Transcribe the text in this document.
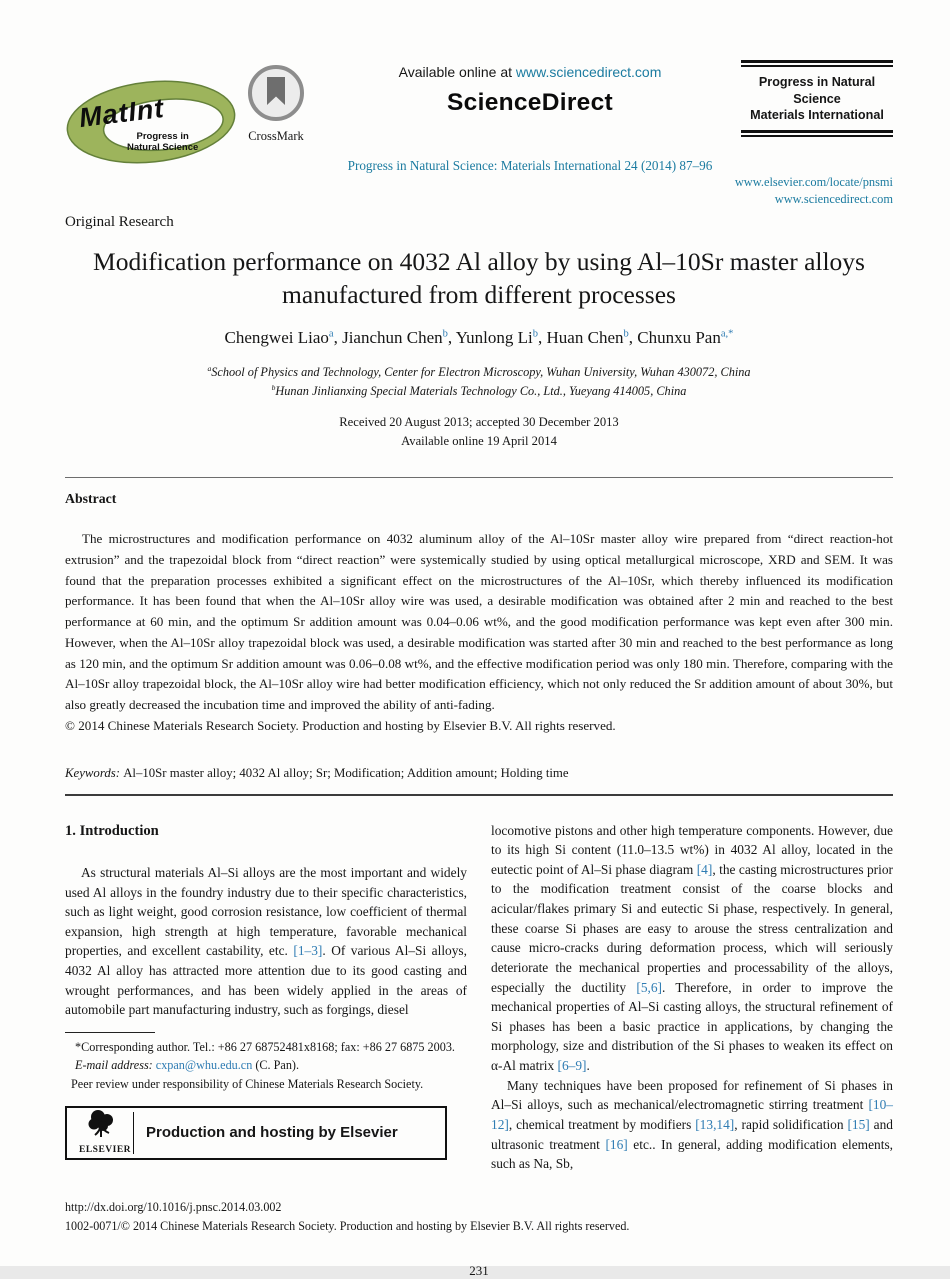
MatInt
Progress in
Natural Science
CrossMark
Available online at www.sciencedirect.com
ScienceDirect
Progress in Natural Science: Materials International 24 (2014) 87–96
Progress in Natural
Science
Materials International
www.elsevier.com/locate/pnsmi
www.sciencedirect.com
Original Research
Modification performance on 4032 Al alloy by using Al–10Sr master alloys
manufactured from different processes
Chengwei Liao$^a$, Jianchun Chen$^b$, Yunlong Li$^b$, Huan Chen$^b$, Chunxu Pan$^{a,*}$
$^a$School of Physics and Technology, Center for Electron Microscopy, Wuhan University, Wuhan 430072, China
$^b$Hunan Jinlianxing Special Materials Technology Co., Ltd., Yueyang 414005, China
Received 20 August 2013; accepted 30 December 2013
Available online 19 April 2014
Abstract

The microstructures and modification performance on 4032 aluminum alloy of the Al–10Sr master alloy wire prepared from “direct reaction-hot extrusion” and the trapezoidal block from “direct reaction” were systemically studied by using optical metallurgical microscope, XRD and SEM. It was found that the preparation processes exhibited a significant effect on the microstructures of the Al–10Sr, which thereby influenced its modification performance. It has been found that when the Al–10Sr alloy wire was used, a desirable modification was obtained after 2 min and reached to the best performance at 60 min, and the optimum Sr addition amount was 0.04–0.06 wt%, and the good modification performance was kept even after 300 min. However, when the Al–10Sr alloy trapezoidal block was used, a desirable modification was started after 30 min and reached to the best performance as long as 120 min, and the optimum Sr addition amount was 0.06–0.08 wt%, and the effective modification period was only 180 min. Therefore, comparing with the Al–10Sr alloy trapezoidal block, the Al–10Sr alloy wire had better modification efficiency, which not only reduced the Sr addition amount of about 30%, but also greatly decreased the incubation time and improved the ability of anti-fading.

© 2014 Chinese Materials Research Society. Production and hosting by Elsevier B.V. All rights reserved.

Keywords: Al–10Sr master alloy; 4032 Al alloy; Sr; Modification; Addition amount; Holding time
1. Introduction

As structural materials Al–Si alloys are the most important and widely used Al alloys in the foundry industry due to their specific characteristics, such as light weight, good corrosion resistance, low coefficient of thermal expansion, high strength at high temperature, favorable mechanical properties, and excellent castability, etc. [1–3]. Of various Al–Si alloys, 4032 Al alloy has attracted more attention due to its good casting and wrought performances, and has been widely applied in the areas of automobile part manufacturing industry, such as forgings, diesel

*Corresponding author. Tel.: +86 27 68752481x8168; fax: +86 27 6875 2003.

E-mail address: cxpan@whu.edu.cn (C. Pan).

Peer review under responsibility of Chinese Materials Research Society.

ELSEVIER
Production and hosting by Elsevier

locomotive pistons and other high temperature components. However, due to its high Si content (11.0–13.5 wt%) in 4032 Al alloy, located in the eutectic point of Al–Si phase diagram [4], the casting microstructures prior to the modification treatment consist of the coarse blocks and acicular/flakes primary Si and eutectic Si phase, respectively. In general, these coarse Si phases are easy to arouse the stress centralization and cause micro-cracks during deformation process, which will seriously deteriorate the mechanical properties and processability of the alloys, especially the ductility [5,6]. Therefore, in order to improve the mechanical properties of Al–Si casting alloys, the structural refinement of Si phases has been a basic practice in applications, by changing the morphology, size and distribution of the Si phases to weaken its effect on α-Al matrix [6–9].

Many techniques have been proposed for refinement of Si phases in Al–Si alloys, such as mechanical/electromagnetic stirring treatment [10–12], chemical treatment by modifiers [13,14], rapid solidification [15] and ultrasonic treatment [16] etc.. In general, adding modification elements, such as Na, Sb,

http://dx.doi.org/10.1016/j.pnsc.2014.03.002
1002-0071/© 2014 Chinese Materials Research Society. Production and hosting by Elsevier B.V. All rights reserved.
231
